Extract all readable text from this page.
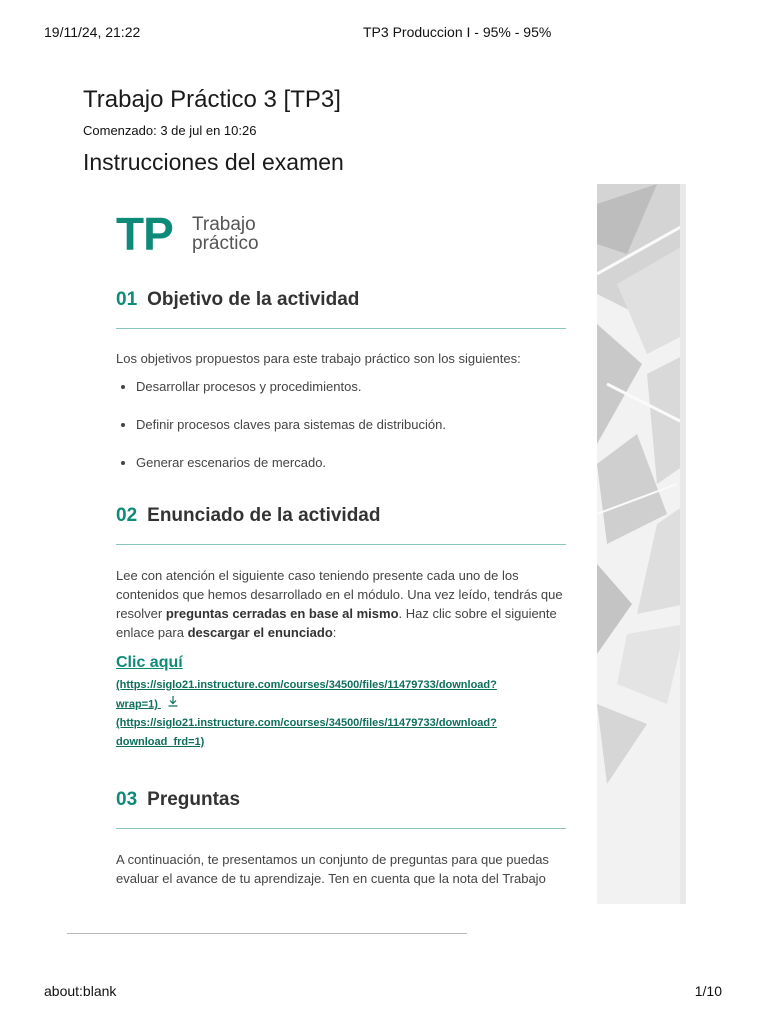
19/11/24, 21:22	TP3 Produccion I - 95% - 95%
Trabajo Práctico 3 [TP3]
Comenzado: 3 de jul en 10:26
Instrucciones del examen
TP Trabajo
práctico
01 Objetivo de la actividad
Los objetivos propuestos para este trabajo práctico son los siguientes:
• Desarrollar procesos y procedimientos.
• Definir procesos claves para sistemas de distribución.
• Generar escenarios de mercado.
02 Enunciado de la actividad
Lee con atención el siguiente caso teniendo presente cada uno de los contenidos que hemos desarrollado en el módulo. Una vez leído, tendrás que resolver preguntas cerradas en base al mismo. Haz clic sobre el siguiente enlace para descargar el enunciado:
Clic aquí
(https://siglo21.instructure.com/courses/34500/files/11479733/download?
wrap=1)
(https://siglo21.instructure.com/courses/34500/files/11479733/download?
download_frd=1)
03 Preguntas
A continuación, te presentamos un conjunto de preguntas para que puedas evaluar el avance de tu aprendizaje. Ten en cuenta que la nota del Trabajo
about:blank	1/10
